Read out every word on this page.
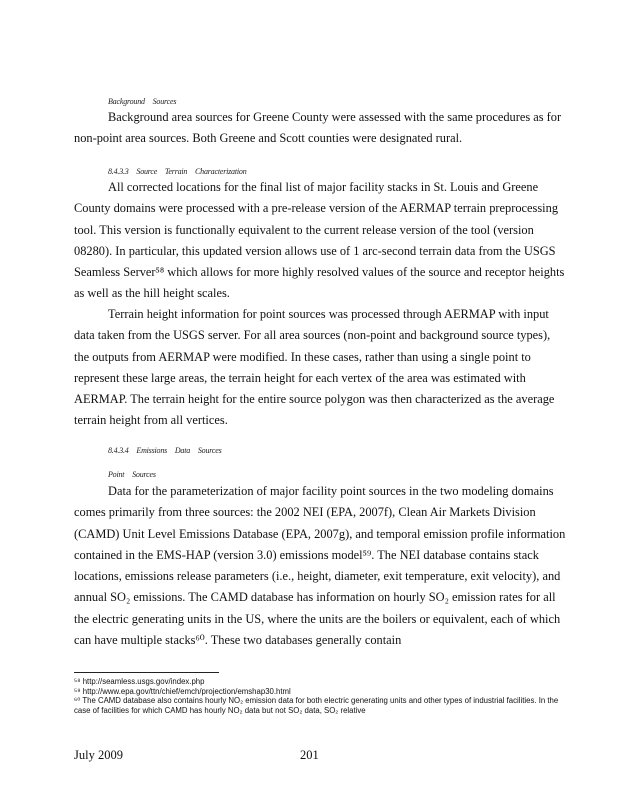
Background Sources

Background area sources for Greene County were assessed with the same procedures as for non-point area sources. Both Greene and Scott counties were designated rural.

8.4.3.3 Source Terrain Characterization

All corrected locations for the final list of major facility stacks in St. Louis and Greene County domains were processed with a pre-release version of the AERMAP terrain preprocessing tool. This version is functionally equivalent to the current release version of the tool (version 08280). In particular, this updated version allows use of 1 arc-second terrain data from the USGS Seamless Server⁵⁸ which allows for more highly resolved values of the source and receptor heights as well as the hill height scales.

Terrain height information for point sources was processed through AERMAP with input data taken from the USGS server. For all area sources (non-point and background source types), the outputs from AERMAP were modified. In these cases, rather than using a single point to represent these large areas, the terrain height for each vertex of the area was estimated with AERMAP. The terrain height for the entire source polygon was then characterized as the average terrain height from all vertices.

8.4.3.4 Emissions Data Sources
Point Sources

Data for the parameterization of major facility point sources in the two modeling domains comes primarily from three sources: the 2002 NEI (EPA, 2007f), Clean Air Markets Division (CAMD) Unit Level Emissions Database (EPA, 2007g), and temporal emission profile information contained in the EMS-HAP (version 3.0) emissions model⁵⁹. The NEI database contains stack locations, emissions release parameters (i.e., height, diameter, exit temperature, exit velocity), and annual SO₂ emissions. The CAMD database has information on hourly SO₂ emission rates for all the electric generating units in the US, where the units are the boilers or equivalent, each of which can have multiple stacks⁶⁰. These two databases generally contain

⁵⁸ http://seamless.usgs.gov/index.php

⁵⁹ http://www.epa.gov/ttn/chief/emch/projection/emshap30.html

⁶⁰ The CAMD database also contains hourly NO₂ emission data for both electric generating units and other types of industrial facilities. In the case of facilities for which CAMD has hourly NO₂ data but not SO₂ data, SO₂ relative

July 2009	201
